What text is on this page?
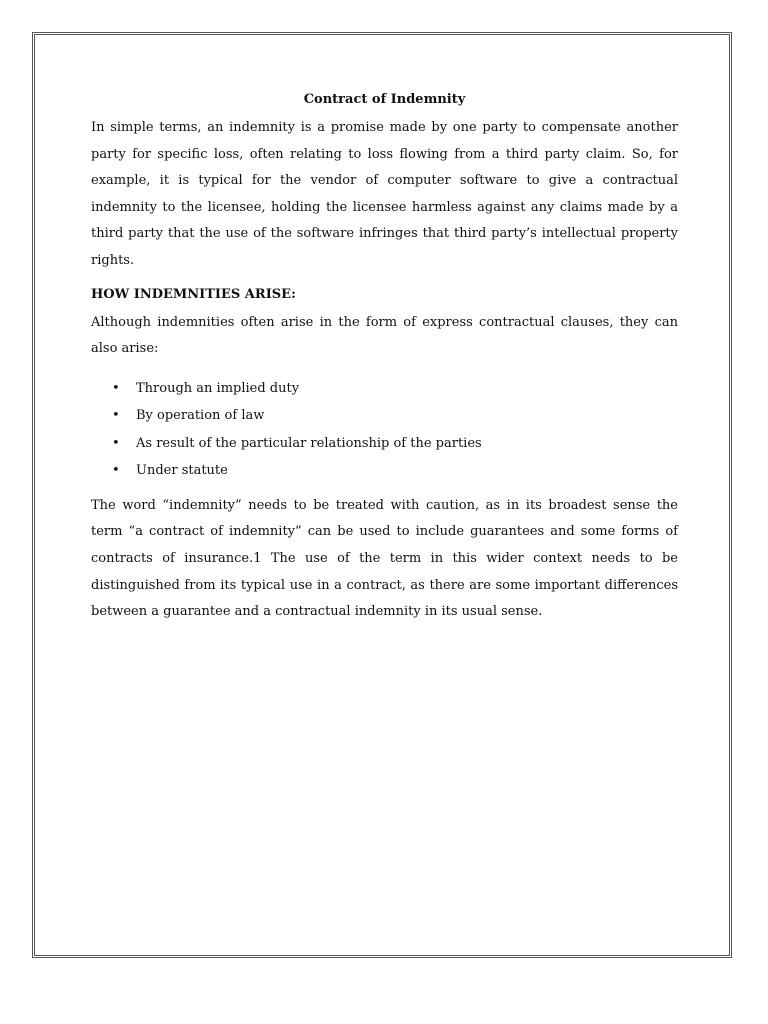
Contract of Indemnity

In simple terms, an indemnity is a promise made by one party to compensate another party for specific loss, often relating to loss flowing from a third party claim. So, for example, it is typical for the vendor of computer software to give a contractual indemnity to the licensee, holding the licensee harmless against any claims made by a third party that the use of the software infringes that third party’s intellectual property rights.

HOW INDEMNITIES ARISE:

Although indemnities often arise in the form of express contractual clauses, they can also arise:

• Through an implied duty
• By operation of law
• As result of the particular relationship of the parties
• Under statute

The word “indemnity” needs to be treated with caution, as in its broadest sense the term “a contract of indemnity” can be used to include guarantees and some forms of contracts of insurance.1 The use of the term in this wider context needs to be distinguished from its typical use in a contract, as there are some important differences between a guarantee and a contractual indemnity in its usual sense.
